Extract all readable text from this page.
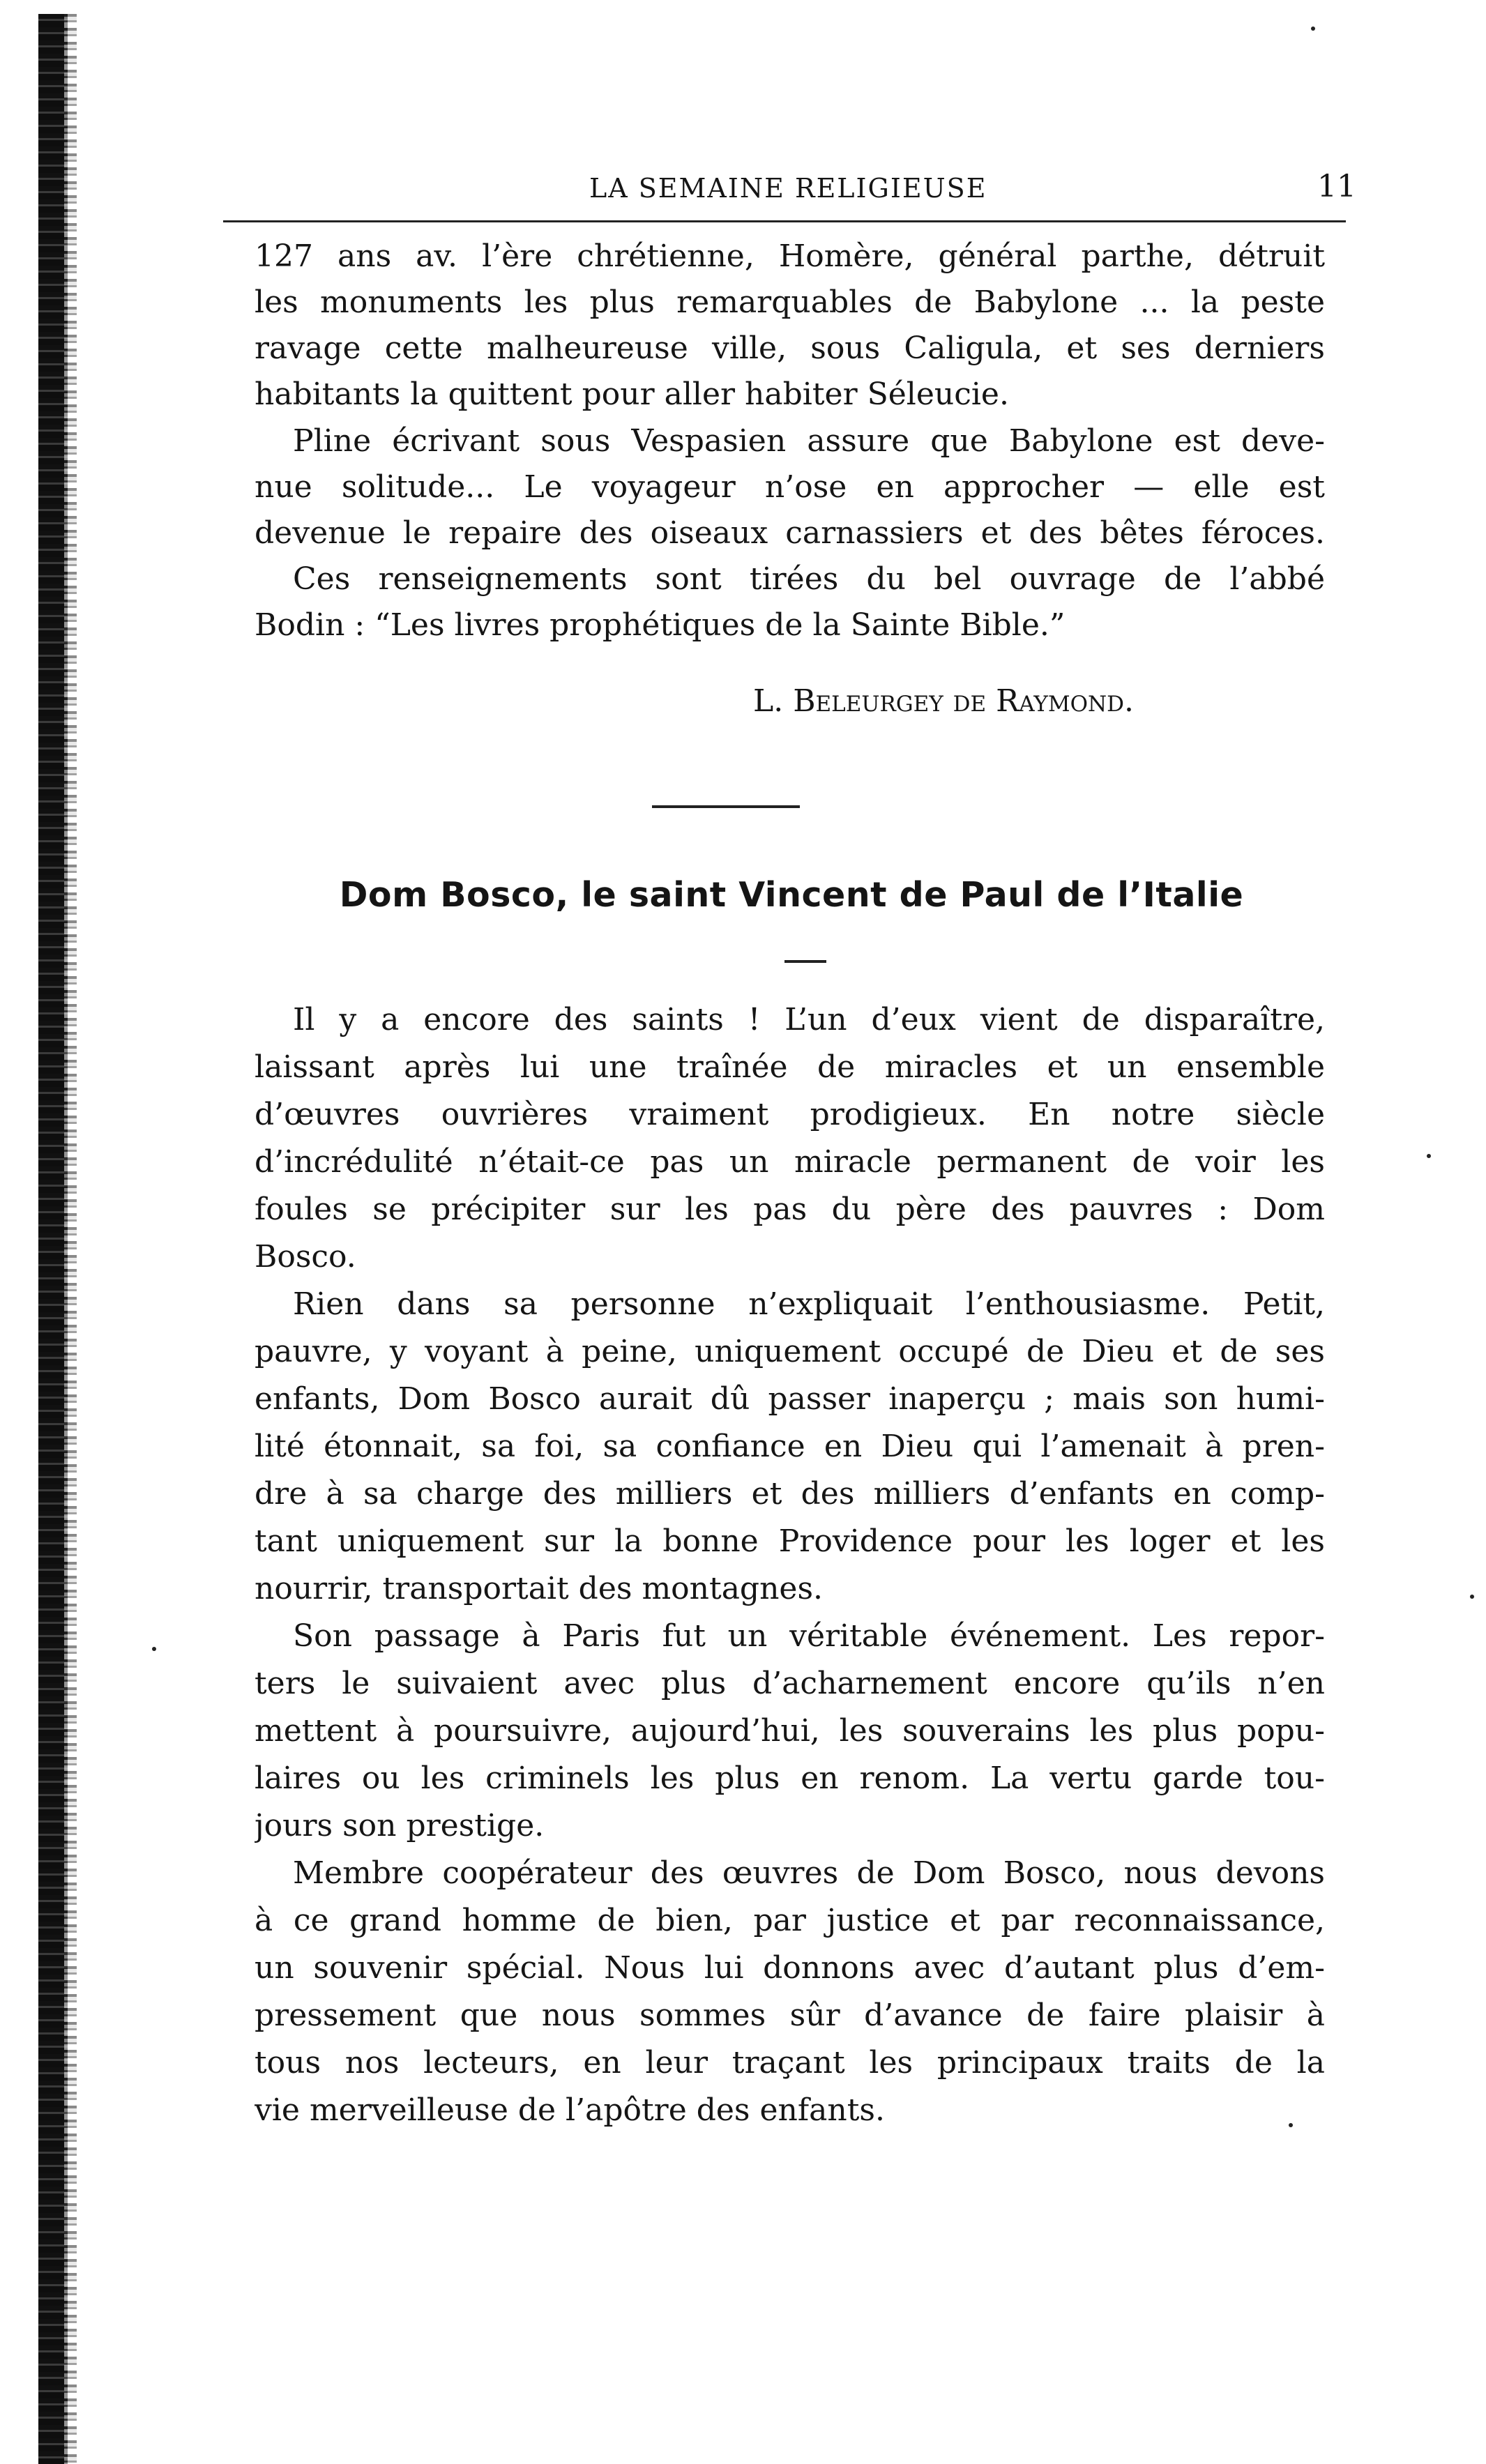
LA SEMAINE RELIGIEUSE	11
127 ans av. l’ère chrétienne, Homère, général parthe, détruit
les monuments les plus remarquables de Babylone ... la peste
ravage cette malheureuse ville, sous Caligula, et ses derniers
habitants la quittent pour aller habiter Séleucie.
Pline écrivant sous Vespasien assure que Babylone est deve-
nue solitude... Le voyageur n’ose en approcher — elle est
devenue le repaire des oiseaux carnassiers et des bêtes féroces.
Ces renseignements sont tirées du bel ouvrage de l’abbé
Bodin : “Les livres prophétiques de la Sainte Bible.”
L. Beleurgey de Raymond.
Dom Bosco, le saint Vincent de Paul de l’Italie
Il y a encore des saints ! L’un d’eux vient de disparaître,
laissant après lui une traînée de miracles et un ensemble
d’œuvres ouvrières vraiment prodigieux. En notre siècle
d’incrédulité n’était-ce pas un miracle permanent de voir les
foules se précipiter sur les pas du père des pauvres : Dom
Bosco.
Rien dans sa personne n’expliquait l’enthousiasme. Petit,
pauvre, y voyant à peine, uniquement occupé de Dieu et de ses
enfants, Dom Bosco aurait dû passer inaperçu ; mais son humi-
lité étonnait, sa foi, sa confiance en Dieu qui l’amenait à pren-
dre à sa charge des milliers et des milliers d’enfants en comp-
tant uniquement sur la bonne Providence pour les loger et les
nourrir, transportait des montagnes.
Son passage à Paris fut un véritable événement. Les repor-
ters le suivaient avec plus d’acharnement encore qu’ils n’en
mettent à poursuivre, aujourd’hui, les souverains les plus popu-
laires ou les criminels les plus en renom. La vertu garde tou-
jours son prestige.
Membre coopérateur des œuvres de Dom Bosco, nous devons
à ce grand homme de bien, par justice et par reconnaissance,
un souvenir spécial. Nous lui donnons avec d’autant plus d’em-
pressement que nous sommes sûr d’avance de faire plaisir à
tous nos lecteurs, en leur traçant les principaux traits de la
vie merveilleuse de l’apôtre des enfants.
